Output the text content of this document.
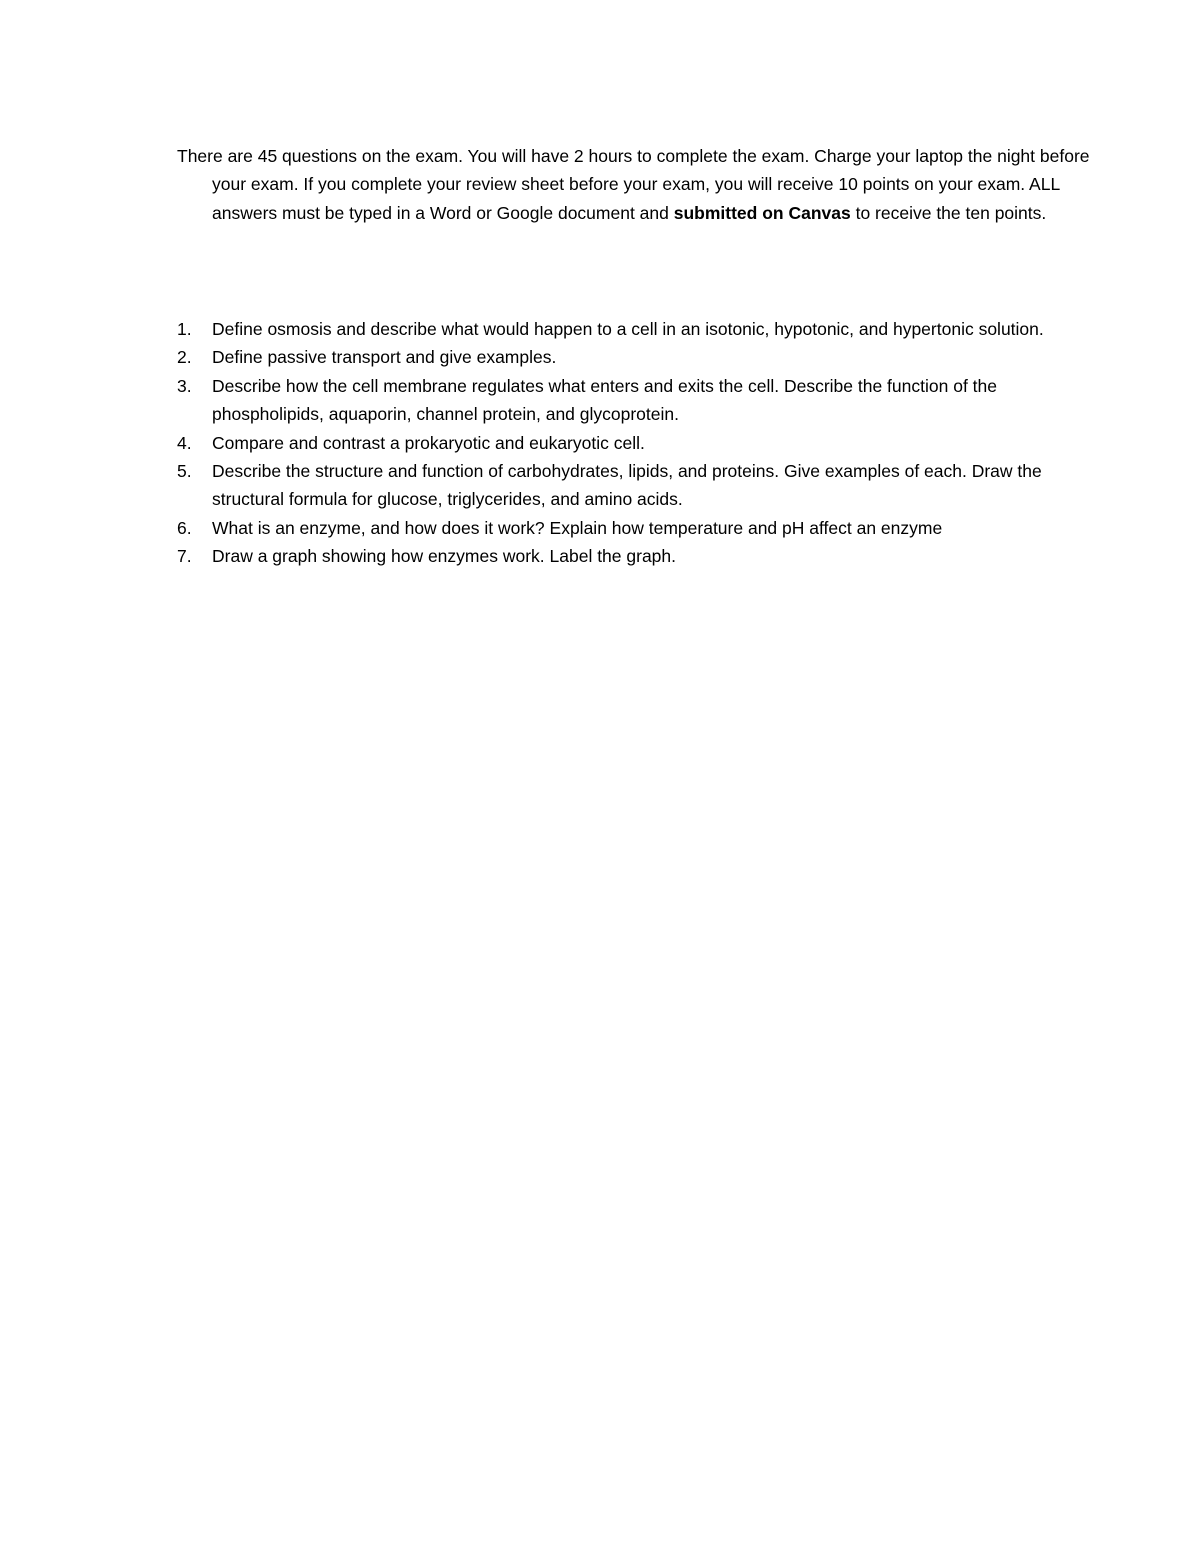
There are 45 questions on the exam. You will have 2 hours to complete the exam. Charge your laptop the night before your exam. If you complete your review sheet before your exam, you will receive 10 points on your exam. ALL answers must be typed in a Word or Google document and submitted on Canvas to receive the ten points.

1. Define osmosis and describe what would happen to a cell in an isotonic, hypotonic, and hypertonic solution.
2. Define passive transport and give examples.
3. Describe how the cell membrane regulates what enters and exits the cell. Describe the function of the phospholipids, aquaporin, channel protein, and glycoprotein.
4. Compare and contrast a prokaryotic and eukaryotic cell.
5. Describe the structure and function of carbohydrates, lipids, and proteins. Give examples of each. Draw the structural formula for glucose, triglycerides, and amino acids.
6. What is an enzyme, and how does it work? Explain how temperature and pH affect an enzyme
7. Draw a graph showing how enzymes work. Label the graph.
